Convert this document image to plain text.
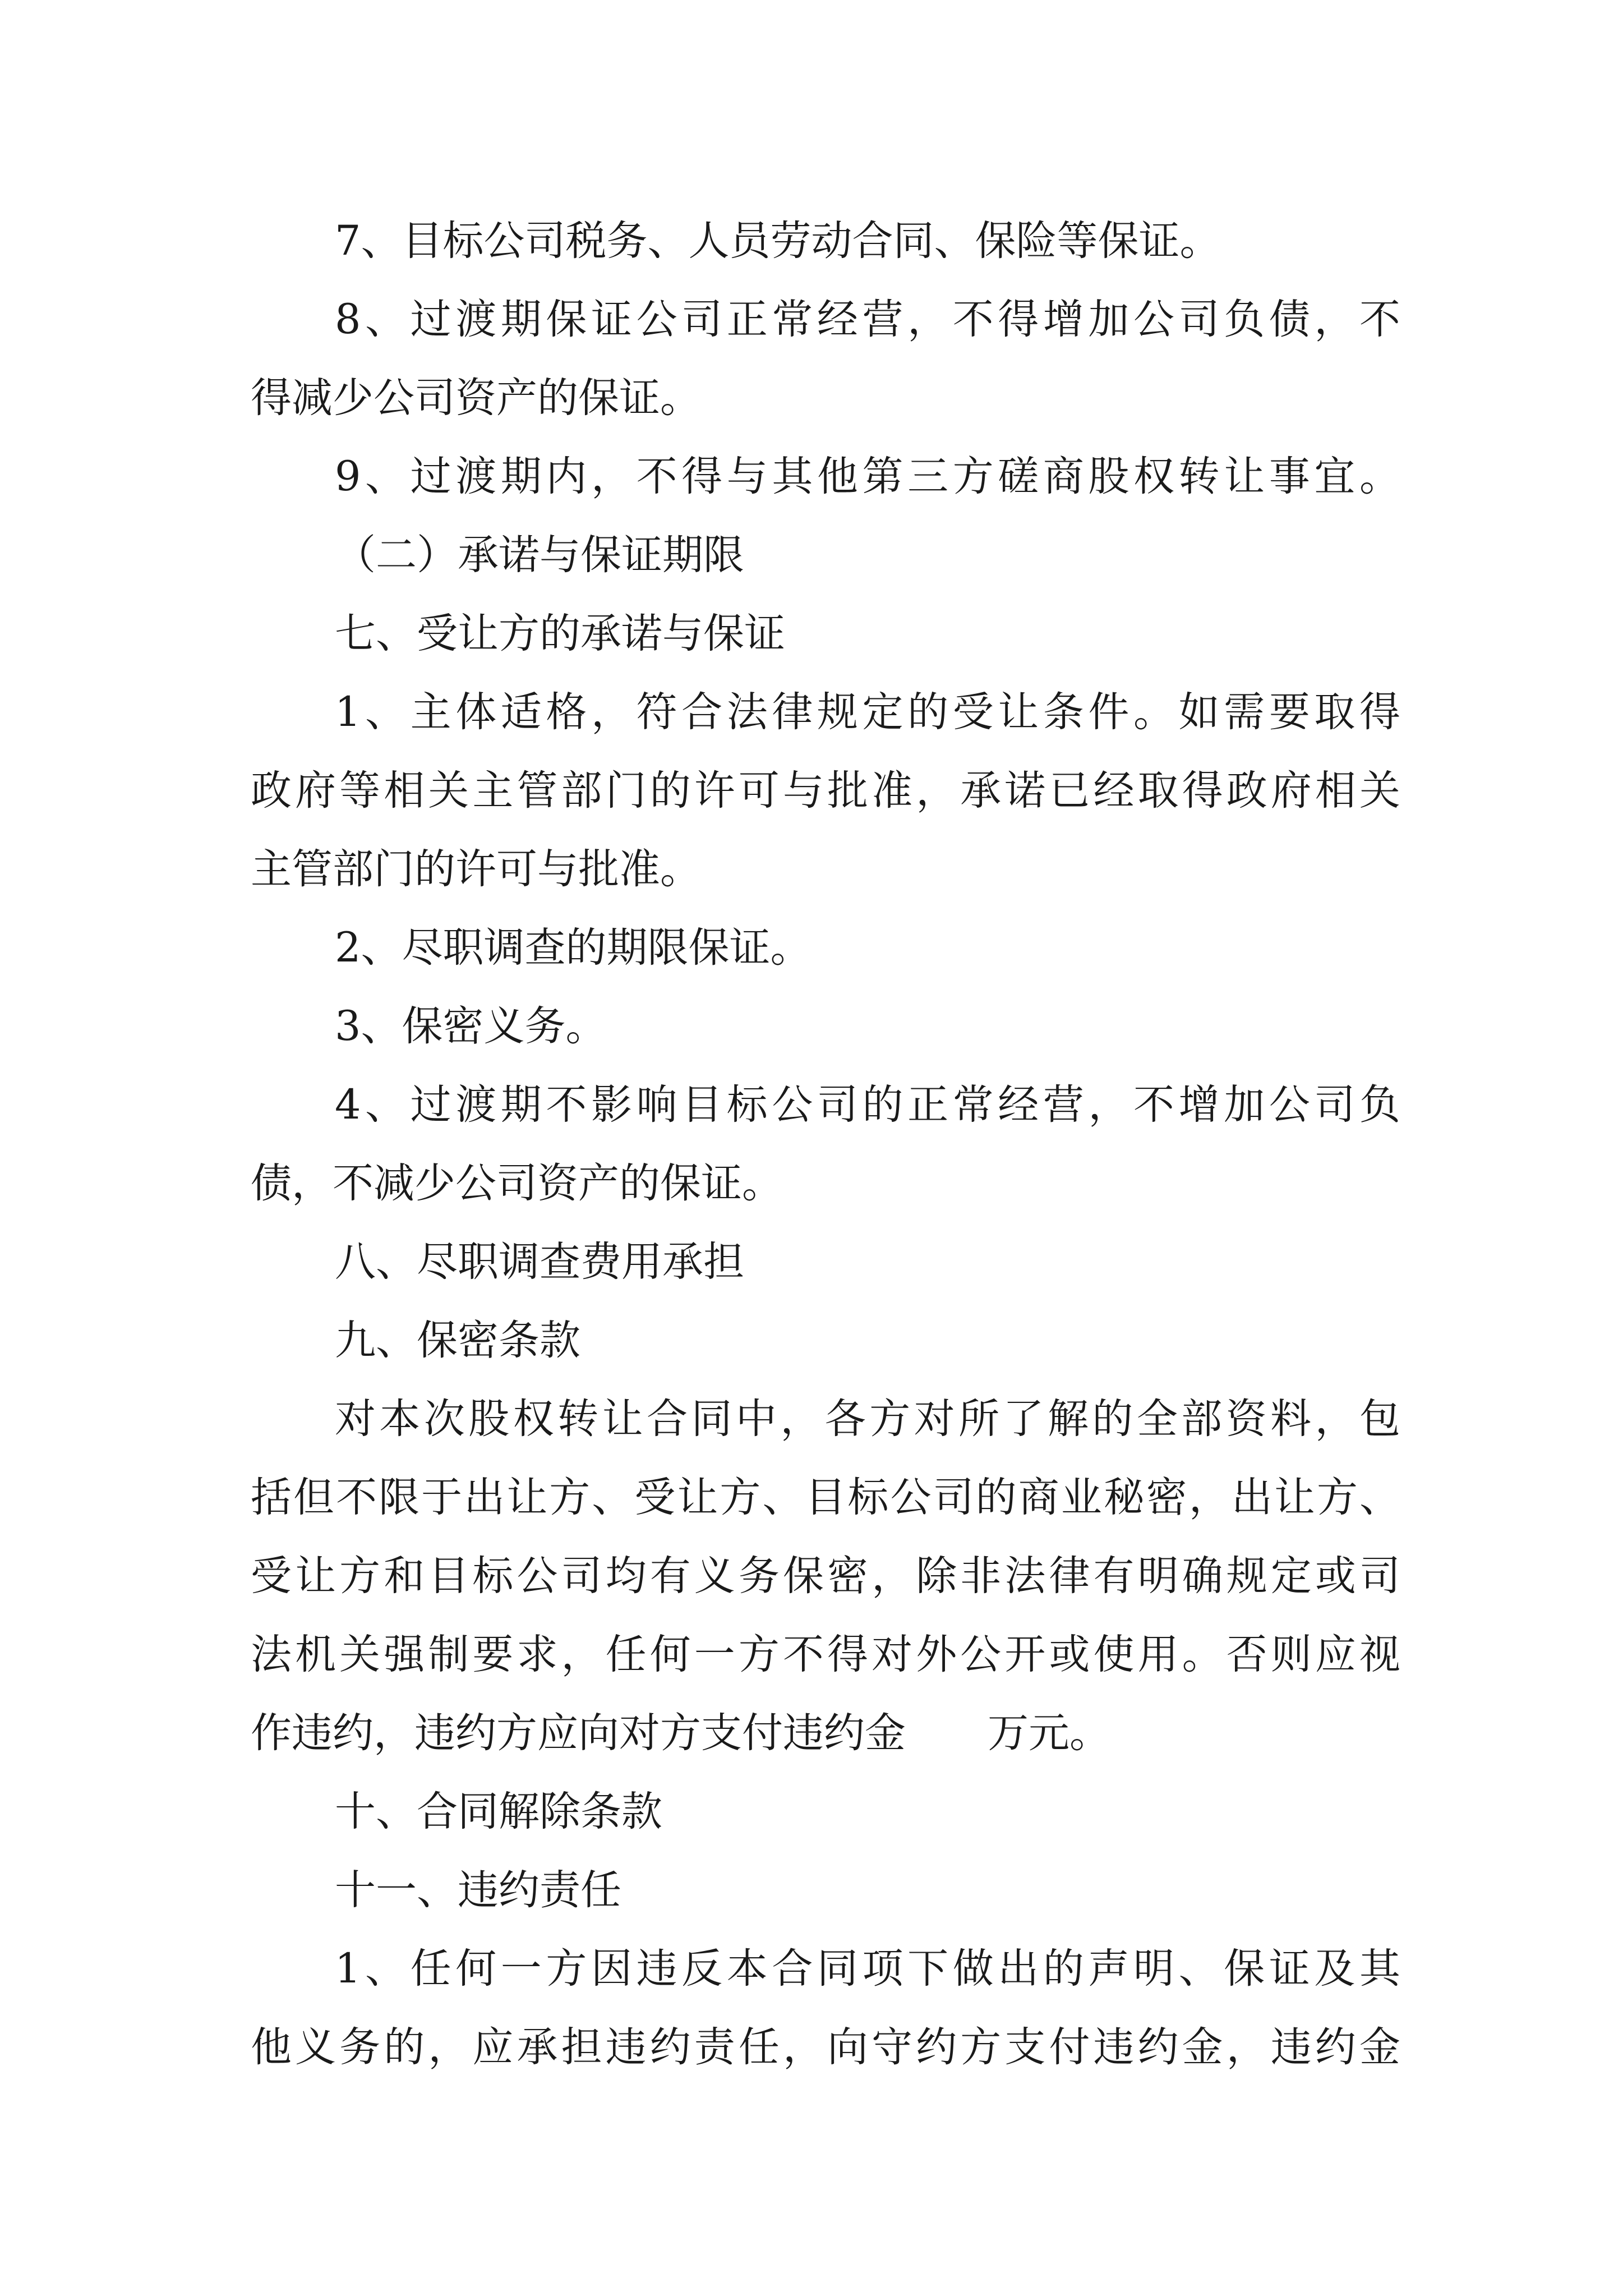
7、目标公司税务、人员劳动合同、保险等保证。
8、过渡期保证公司正常经营，不得增加公司负债，不
得减少公司资产的保证。
9、过渡期内，不得与其他第三方磋商股权转让事宜。
（二）承诺与保证期限
七、受让方的承诺与保证
1、主体适格，符合法律规定的受让条件。如需要取得
政府等相关主管部门的许可与批准，承诺已经取得政府相关
主管部门的许可与批准。
2、尽职调查的期限保证。
3、保密义务。
4、过渡期不影响目标公司的正常经营，不增加公司负
债，不减少公司资产的保证。
八、尽职调查费用承担
九、保密条款
对本次股权转让合同中，各方对所了解的全部资料，包
括但不限于出让方、受让方、目标公司的商业秘密，出让方、
受让方和目标公司均有义务保密，除非法律有明确规定或司
法机关强制要求，任何一方不得对外公开或使用。否则应视
作违约，违约方应向对方支付违约金　　万元。
十、合同解除条款
十一、违约责任
1、任何一方因违反本合同项下做出的声明、保证及其
他义务的，应承担违约责任，向守约方支付违约金，违约金
